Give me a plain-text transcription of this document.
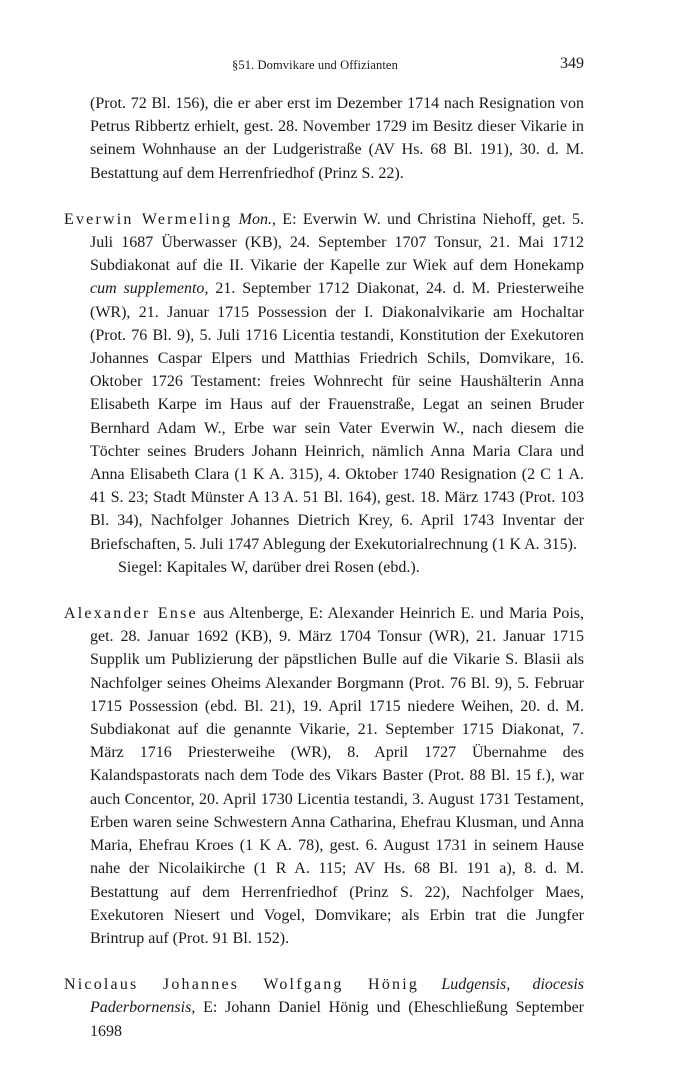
§51. Domvikare und Offizianten	349

(Prot. 72 Bl. 156), die er aber erst im Dezember 1714 nach Resignation von Petrus Ribbertz erhielt, gest. 28. November 1729 im Besitz dieser Vikarie in seinem Wohnhause an der Ludgeristraße (AV Hs. 68 Bl. 191), 30. d. M. Bestattung auf dem Herrenfriedhof (Prinz S. 22).

Everwin Wermeling Mon., E: Everwin W. und Christina Niehoff, get. 5. Juli 1687 Überwasser (KB), 24. September 1707 Tonsur, 21. Mai 1712 Subdiakonat auf die II. Vikarie der Kapelle zur Wiek auf dem Honekamp cum supplemento, 21. September 1712 Diakonat, 24. d. M. Priesterweihe (WR), 21. Januar 1715 Possession der I. Diakonalvikarie am Hochaltar (Prot. 76 Bl. 9), 5. Juli 1716 Licentia testandi, Konstitution der Exekutoren Johannes Caspar Elpers und Matthias Friedrich Schils, Domvikare, 16. Oktober 1726 Testament: freies Wohnrecht für seine Haushälterin Anna Elisabeth Karpe im Haus auf der Frauenstraße, Legat an seinen Bruder Bernhard Adam W., Erbe war sein Vater Everwin W., nach diesem die Töchter seines Bruders Johann Heinrich, nämlich Anna Maria Clara und Anna Elisabeth Clara (1 K A. 315), 4. Oktober 1740 Resignation (2 C 1 A. 41 S. 23; Stadt Münster A 13 A. 51 Bl. 164), gest. 18. März 1743 (Prot. 103 Bl. 34), Nachfolger Johannes Dietrich Krey, 6. April 1743 Inventar der Briefschaften, 5. Juli 1747 Ablegung der Exekutorialrechnung (1 K A. 315).

Siegel: Kapitales W, darüber drei Rosen (ebd.).

Alexander Ense aus Altenberge, E: Alexander Heinrich E. und Maria Pois, get. 28. Januar 1692 (KB), 9. März 1704 Tonsur (WR), 21. Januar 1715 Supplik um Publizierung der päpstlichen Bulle auf die Vikarie S. Blasii als Nachfolger seines Oheims Alexander Borgmann (Prot. 76 Bl. 9), 5. Februar 1715 Possession (ebd. Bl. 21), 19. April 1715 niedere Weihen, 20. d. M. Subdiakonat auf die genannte Vikarie, 21. September 1715 Diakonat, 7. März 1716 Priesterweihe (WR), 8. April 1727 Übernahme des Kalandspastorats nach dem Tode des Vikars Baster (Prot. 88 Bl. 15 f.), war auch Concentor, 20. April 1730 Licentia testandi, 3. August 1731 Testament, Erben waren seine Schwestern Anna Catharina, Ehefrau Klusman, und Anna Maria, Ehefrau Kroes (1 K A. 78), gest. 6. August 1731 in seinem Hause nahe der Nicolaikirche (1 R A. 115; AV Hs. 68 Bl. 191 a), 8. d. M. Bestattung auf dem Herrenfriedhof (Prinz S. 22), Nachfolger Maes, Exekutoren Niesert und Vogel, Domvikare; als Erbin trat die Jungfer Brintrup auf (Prot. 91 Bl. 152).

Nicolaus Johannes Wolfgang Hönig Ludgensis, diocesis Paderbornensis, E: Johann Daniel Hönig und (Eheschließung September 1698
